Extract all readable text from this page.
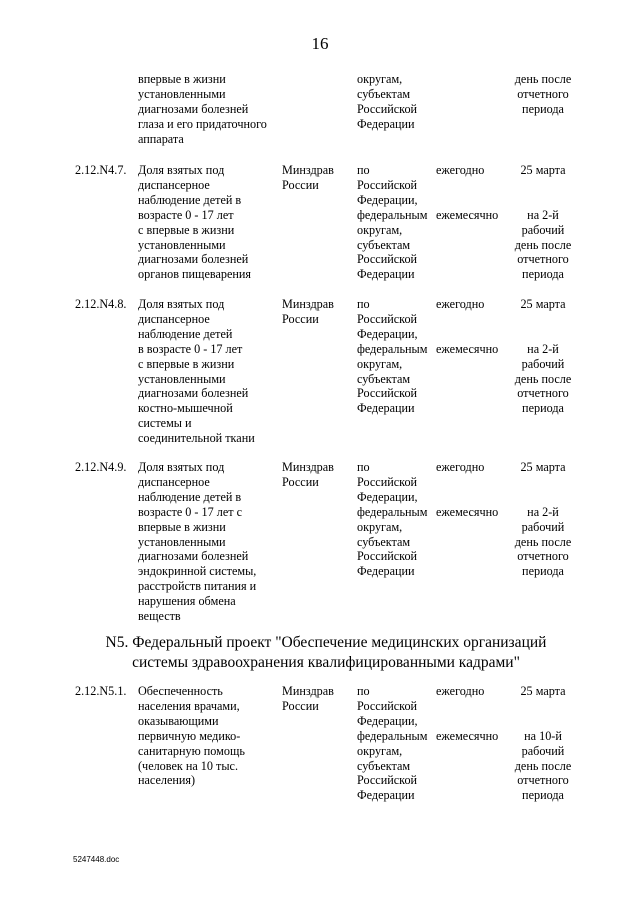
16
впервые в жизни
установленными
диагнозами болезней
глаза и его придаточного
аппарата
округам,
субъектам
Российской
Федерации
день после
отчетного
периода
2.12.N4.7. Доля взятых под
диспансерное
наблюдение детей в
возрасте 0 - 17 лет
с впервые в жизни
установленными
диагнозами болезней
органов пищеварения
Минздрав
России
по
Российской
Федерации,
федеральным
округам,
субъектам
Российской
Федерации
ежегодно

ежемесячно
25 марта

на 2-й
рабочий
день после
отчетного
периода
2.12.N4.8. Доля взятых под
диспансерное
наблюдение детей
в возрасте 0 - 17 лет
с впервые в жизни
установленными
диагнозами болезней
костно-мышечной
системы и
соединительной ткани
Минздрав
России
по
Российской
Федерации,
федеральным
округам,
субъектам
Российской
Федерации
ежегодно

ежемесячно
25 марта

на 2-й
рабочий
день после
отчетного
периода
2.12.N4.9. Доля взятых под
диспансерное
наблюдение детей в
возрасте 0 - 17 лет с
впервые в жизни
установленными
диагнозами болезней
эндокринной системы,
расстройств питания и
нарушения обмена
веществ
Минздрав
России
по
Российской
Федерации,
федеральным
округам,
субъектам
Российской
Федерации
ежегодно

ежемесячно
25 марта

на 2-й
рабочий
день после
отчетного
периода
N5. Федеральный проект "Обеспечение медицинских организаций
системы здравоохранения квалифицированными кадрами"
2.12.N5.1. Обеспеченность
населения врачами,
оказывающими
первичную медико-
санитарную помощь
(человек на 10 тыс.
населения)
Минздрав
России
по
Российской
Федерации,
федеральным
округам,
субъектам
Российской
Федерации
ежегодно

ежемесячно
25 марта

на 10-й
рабочий
день после
отчетного
периода
5247448.doc
